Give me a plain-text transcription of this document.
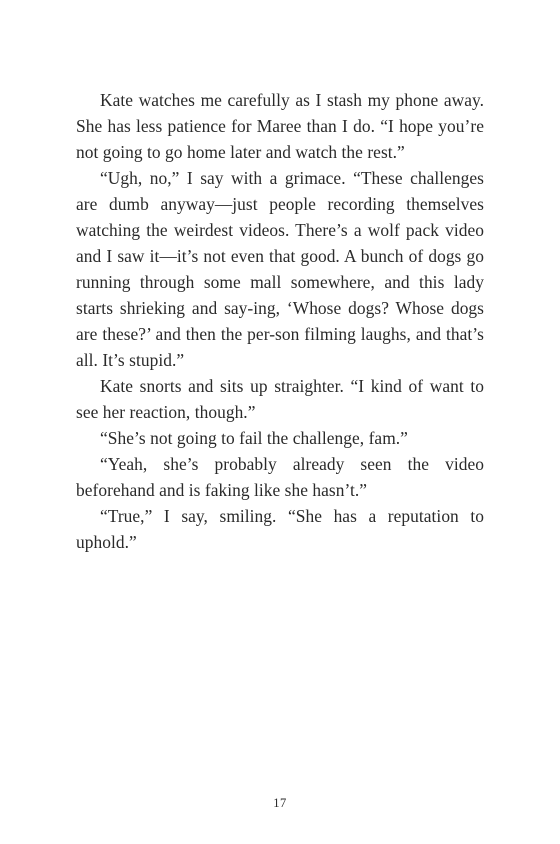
Kate watches me carefully as I stash my phone away. She has less patience for Maree than I do. “I hope you’re not going to go home later and watch the rest.”

“Ugh, no,” I say with a grimace. “These challenges are dumb anyway—just people recording themselves watching the weirdest videos. There’s a wolf pack video and I saw it—it’s not even that good. A bunch of dogs go running through some mall somewhere, and this lady starts shrieking and say-ing, ‘Whose dogs? Whose dogs are these?’ and then the per-son filming laughs, and that’s all. It’s stupid.”

Kate snorts and sits up straighter. “I kind of want to see her reaction, though.”

“She’s not going to fail the challenge, fam.”

“Yeah, she’s probably already seen the video beforehand and is faking like she hasn’t.”

“True,” I say, smiling. “She has a reputation to uphold.”

17
